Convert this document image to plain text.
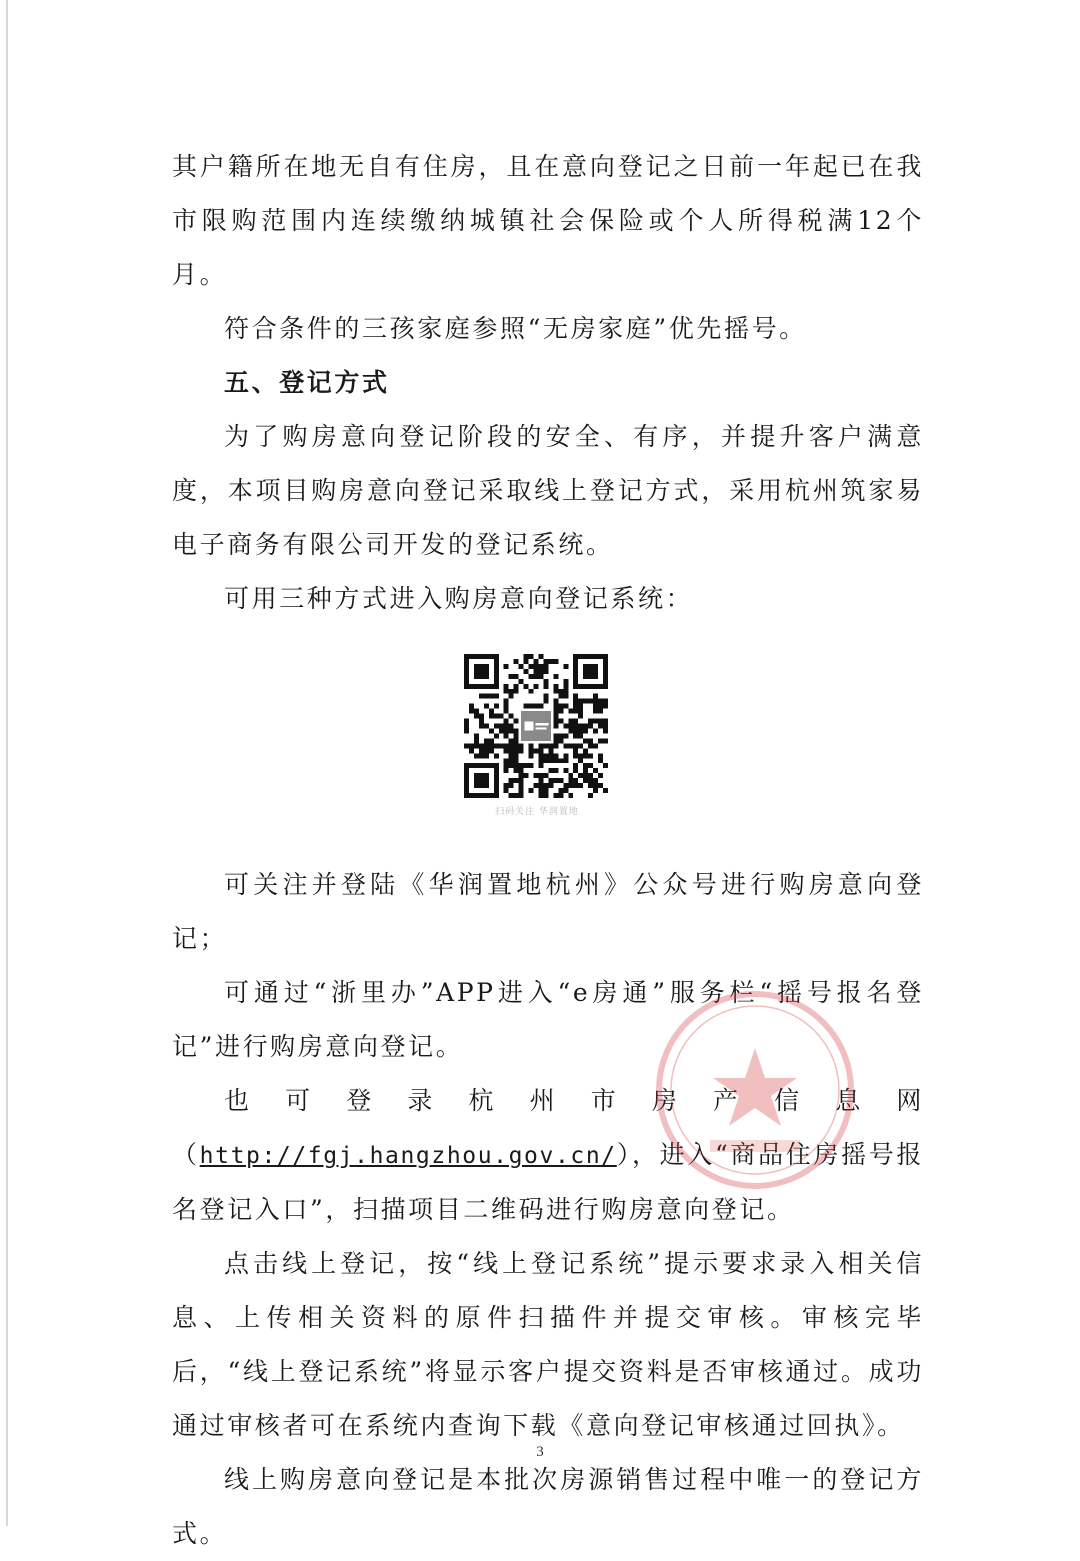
其户籍所在地无自有住房，且在意向登记之日前一年起已在我市限购范围内连续缴纳城镇社会保险或个人所得税满12个月。

符合条件的三孩家庭参照“无房家庭”优先摇号。

五、登记方式

为了购房意向登记阶段的安全、有序，并提升客户满意度，本项目购房意向登记采取线上登记方式，采用杭州筑家易电子商务有限公司开发的登记系统。

可用三种方式进入购房意向登记系统：

扫码关注 华润置地

可关注并登陆《华润置地杭州》公众号进行购房意向登记；

可通过“浙里办”APP进入“e房通”服务栏“摇号报名登记”进行购房意向登记。

也可登录杭州市房产信息网（http://fgj.hangzhou.gov.cn/），进入“商品住房摇号报名登记入口”，扫描项目二维码进行购房意向登记。

点击线上登记，按“线上登记系统”提示要求录入相关信息、上传相关资料的原件扫描件并提交审核。审核完毕后，“线上登记系统”将显示客户提交资料是否审核通过。成功通过审核者可在系统内查询下载《意向登记审核通过回执》。

线上购房意向登记是本批次房源销售过程中唯一的登记方式。

3
